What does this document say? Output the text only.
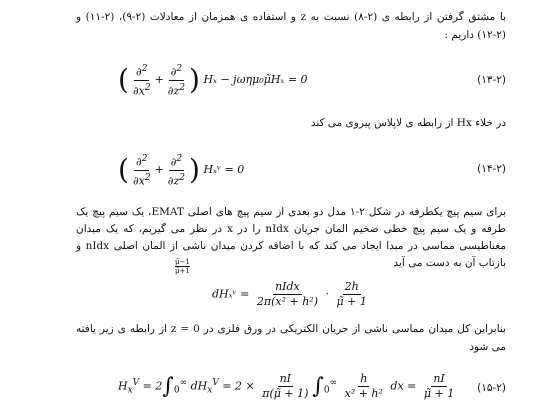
با مشتق گرفتن از رابطه ی (۲-۸) نسبت به z و استفاده ی همزمان از معادلات (۲-۹)، (۲-۱۱) و (۲-۱۲) داریم :
( $\frac{\partial^2}{\partial x^2} + \frac{\partial^2}{\partial z^2}$ ) Hₓ − jωημ₀μ̃Hₓ = 0	(۱۳-۲)
در خلاء Hx از رابطه ی لاپلاس پیروی می کند
( $\frac{\partial^2}{\partial x^2} + \frac{\partial^2}{\partial z^2}$ ) Hₓᵛ = 0	(۱۴-۲)
برای سیم پیچ یکطرفه در شکل ۲-۱ مدل دو بعدی از سیم پیچ های اصلی EMAT، یک سیم پیچ یک طرفه و یک سیم پیچ خطی ضخیم المان جریان nIdx را در x در نظر می گیریم، که یک میدان مغناطیسی مماسی در مبدا ایجاد می کند که با اضافه کردن میدان ناشی از المان اصلی nIdx و بازتاب آن به دست می آید
$\frac{\mũ-1}{\mũ+1}$
dHₓᵛ = $\frac{\text{nIdx}}{\text{2π(x² + h²)}} \cdot \frac{2h}{\mũ + 1}$
بنابراین کل میدان مماسی ناشی از جریان الکتریکی در ورق فلزی در z = 0 از رابطه ی زیر یافته می شود
$H_x^V = 2\int_0^\infty$ $dH_x^V = 2 \times \frac{nI}{\pi(\mũ + 1)} \int_0^\infty \frac{h}{\text{x² + h²}}$ dx = $\frac{nI}{\mũ + 1}$ (۱۵-۲)
